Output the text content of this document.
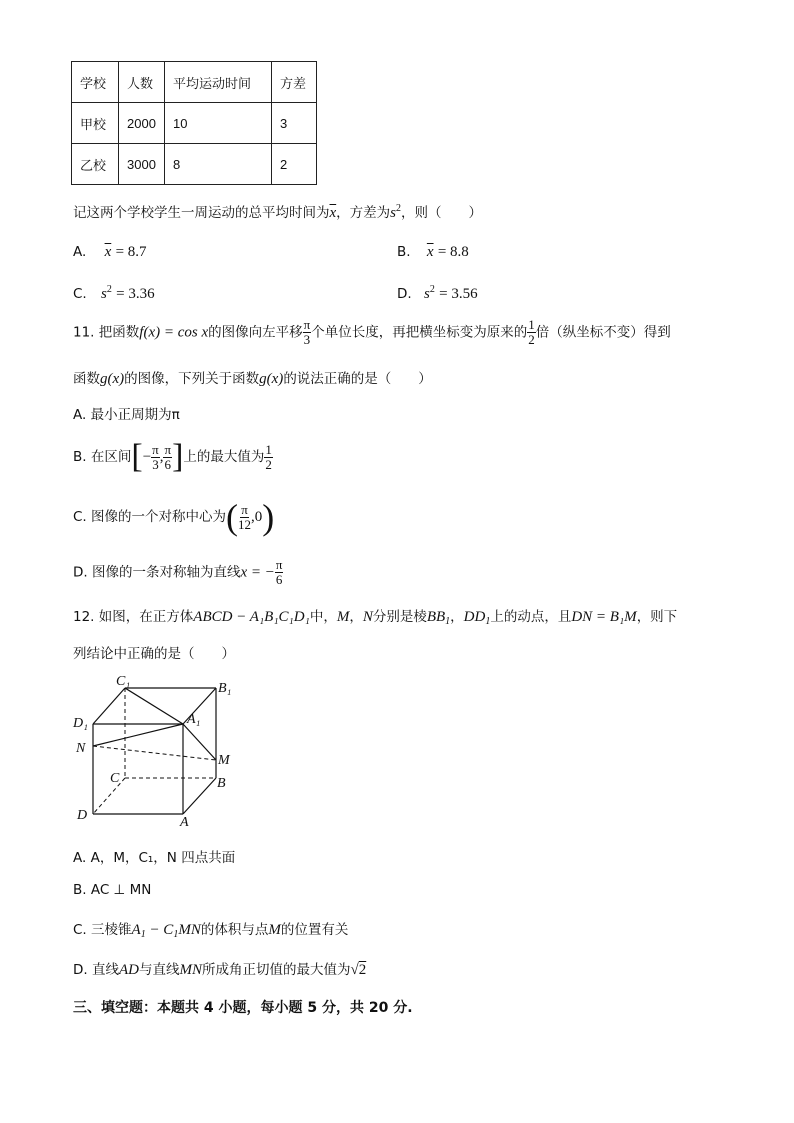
学校	人数	平均运动时间	方差
甲校	2000	10	3
乙校	3000	8	2
记这两个学校学生一周运动的总平均时间为$\overline{x}$，方差为$s^2$，则（　　）
A. $\overline{x} = 8.7$	B. $\overline{x} = 8.8$
C. $s^2 = 3.36$	D. $s^2 = 3.56$
11. 把函数f(x) = cos x的图像向左平移 $\frac{\pi}{3}$ 个单位长度，再把横坐标变为原来的 $\frac{1}{2}$ 倍（纵坐标不变）得到
函数g(x)的图像，下列关于函数g(x)的说法正确的是（　　）
A. 最小正周期为π
B. 在区间[− $\frac{\pi}{3}$ , $\frac{\pi}{6}$ ]上的最大值为 $\frac{1}{2}$
C. 图像的一个对称中心为( $\frac{\pi}{12} ,0$)
D. 图像的一条对称轴为直线x = − $\frac{\pi}{6}$
12. 如图，在正方体ABCD − A₁B₁C₁D₁中，M，N分别是棱$BB_1$，$DD_1$上的动点，且DN = B₁M，则下
列结论中正确的是（　　）
C₁	B₁
D₁	A₁
N
M
C	B
D	A
A. A，M，C₁，N 四点共面
B. AC ⊥ MN
C. 三棱锥$A_1 - C_1MN$的体积与点M的位置有关
D. 直线AD与直线MN所成角正切值的最大值为√2
三、填空题：本题共 4 小题，每小题 5 分，共 20 分.
